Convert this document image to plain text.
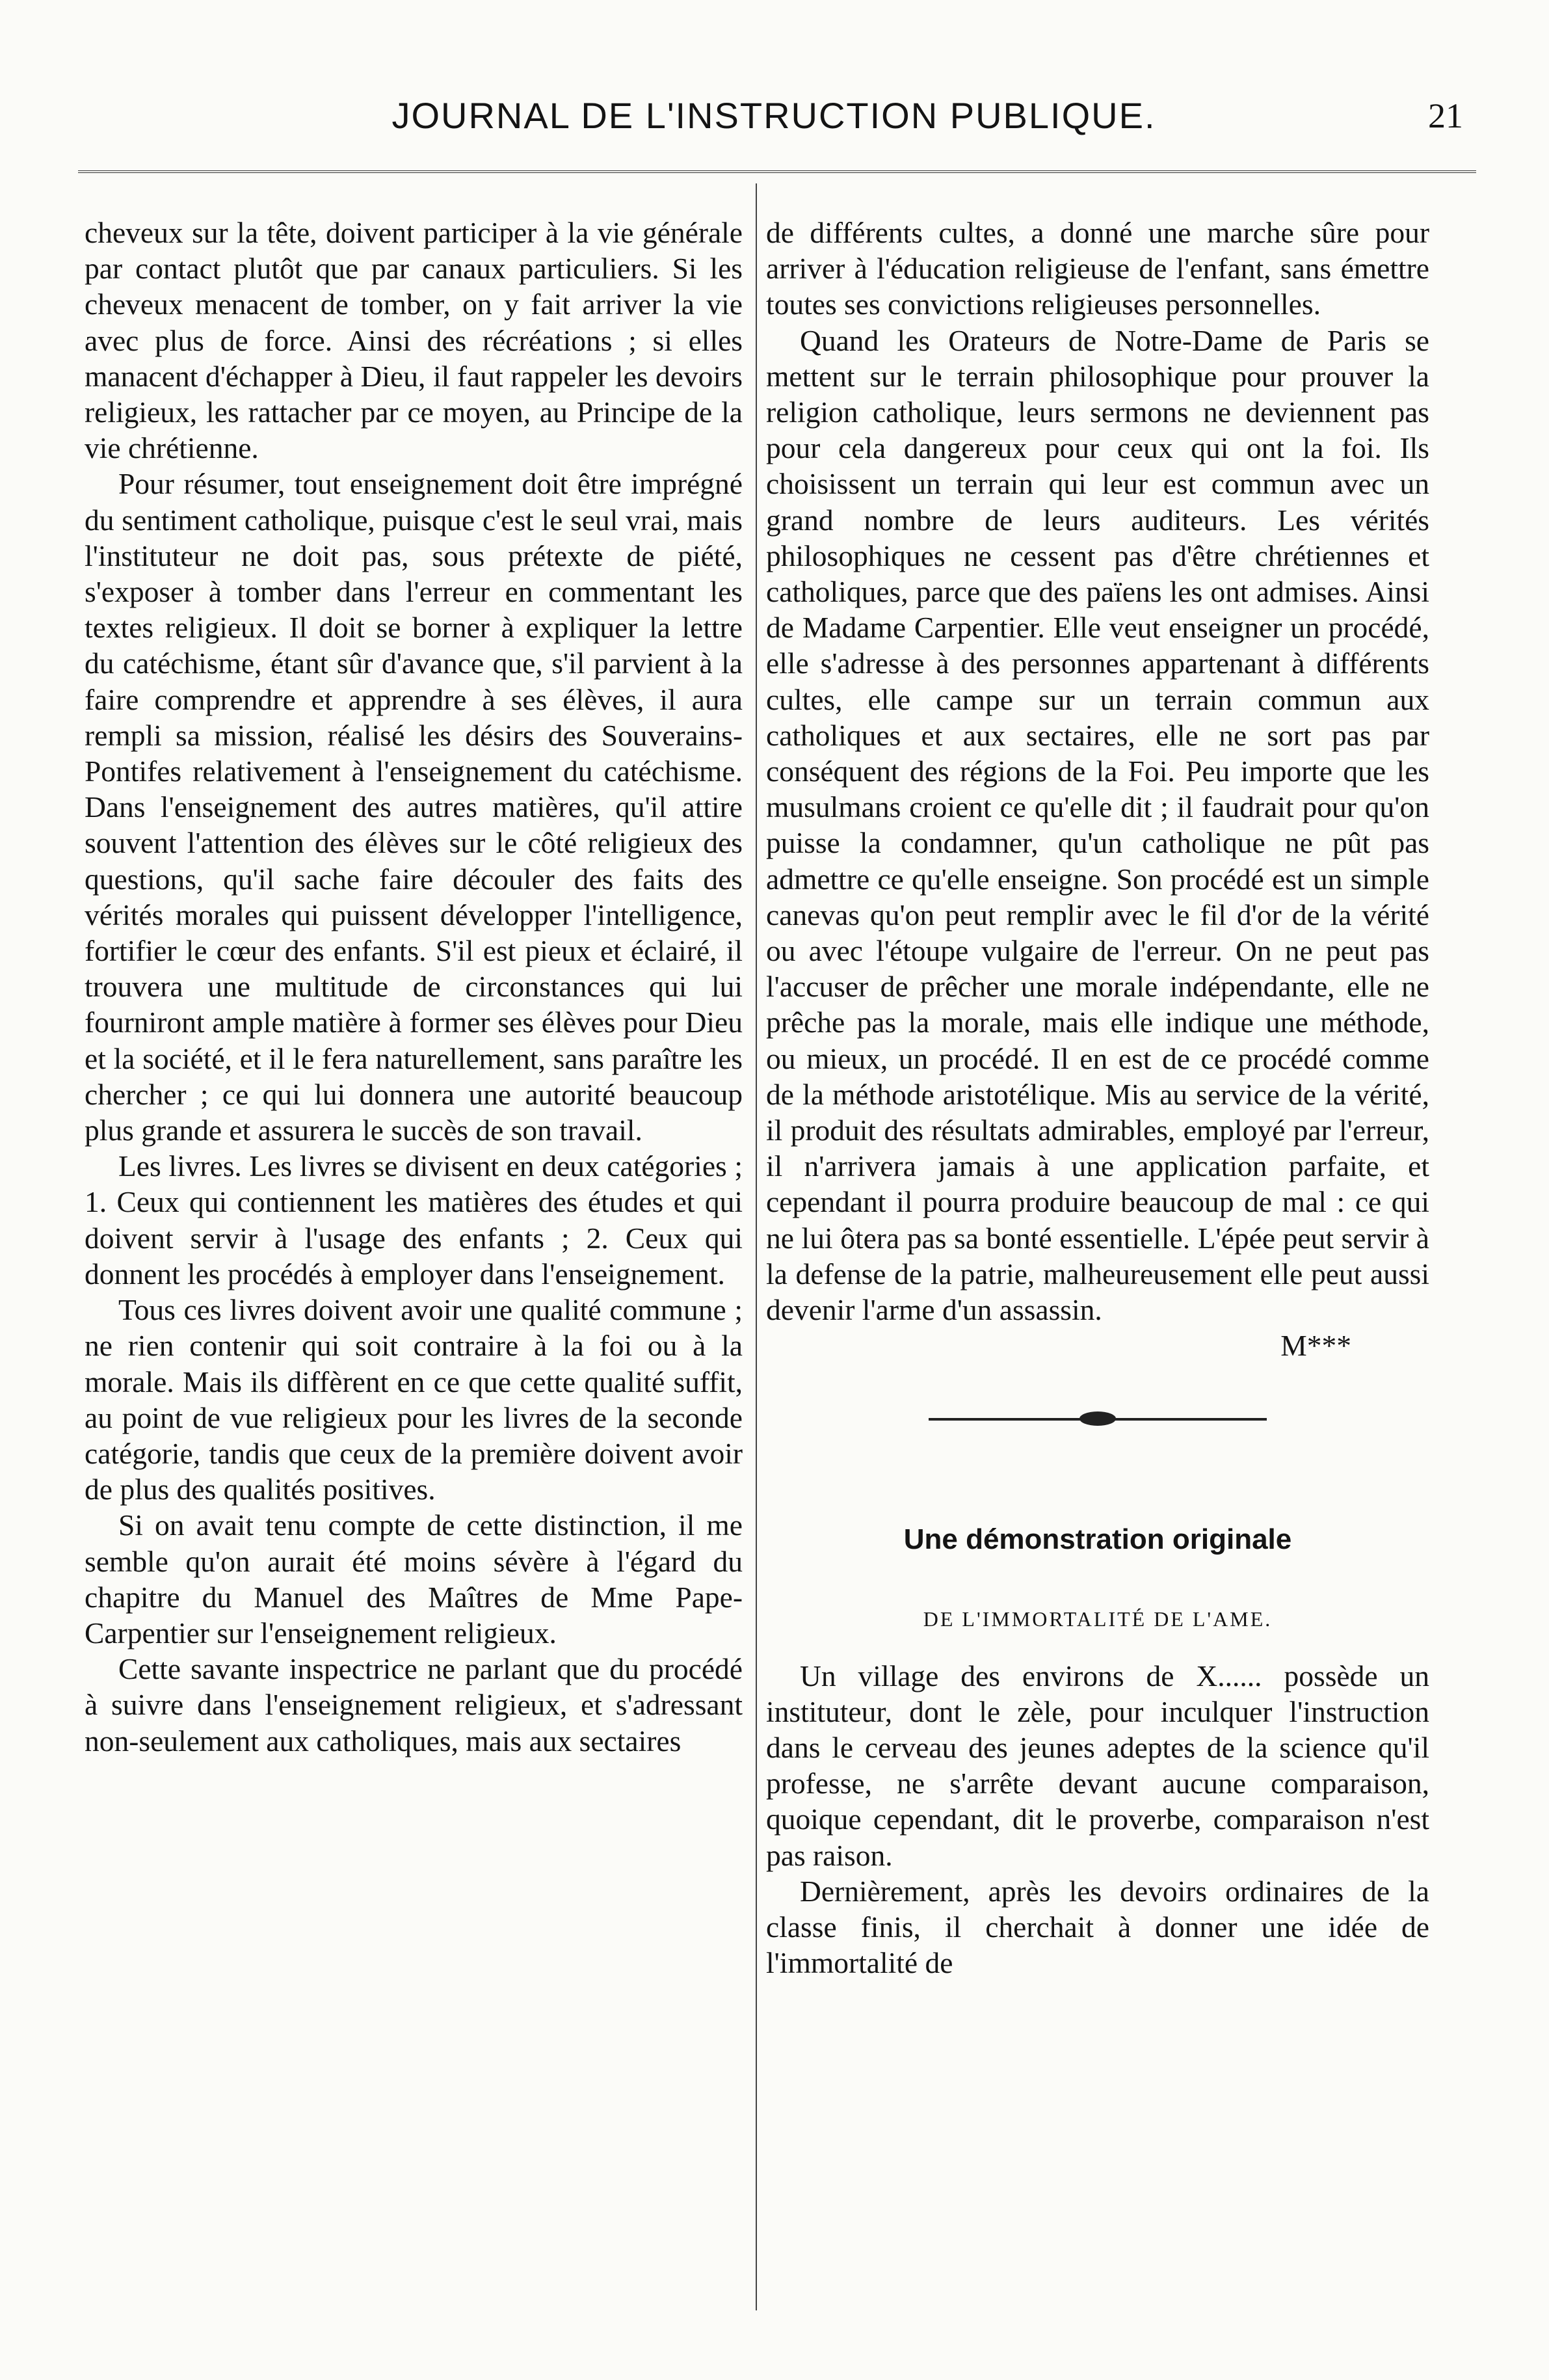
JOURNAL DE L'INSTRUCTION PUBLIQUE.	21

cheveux sur la tête, doivent participer à la vie générale par contact plutôt que par canaux particuliers. Si les cheveux menacent de tomber, on y fait arriver la vie avec plus de force. Ainsi des récréations ; si elles manacent d'échapper à Dieu, il faut rappeler les devoirs religieux, les rattacher par ce moyen, au Principe de la vie chrétienne.

Pour résumer, tout enseignement doit être imprégné du sentiment catholique, puisque c'est le seul vrai, mais l'instituteur ne doit pas, sous prétexte de piété, s'exposer à tomber dans l'erreur en commentant les textes religieux. Il doit se borner à expliquer la lettre du catéchisme, étant sûr d'avance que, s'il parvient à la faire comprendre et apprendre à ses élèves, il aura rempli sa mission, réalisé les désirs des Souverains-Pontifes relativement à l'enseignement du catéchisme. Dans l'enseignement des autres matières, qu'il attire souvent l'attention des élèves sur le côté religieux des questions, qu'il sache faire découler des faits des vérités morales qui puissent développer l'intelligence, fortifier le cœur des enfants. S'il est pieux et éclairé, il trouvera une multitude de circonstances qui lui fourniront ample matière à former ses élèves pour Dieu et la société, et il le fera naturellement, sans paraître les chercher ; ce qui lui donnera une autorité beaucoup plus grande et assurera le succès de son travail.

Les livres. Les livres se divisent en deux catégories ; 1. Ceux qui contiennent les matières des études et qui doivent servir à l'usage des enfants ; 2. Ceux qui donnent les procédés à employer dans l'enseignement.

Tous ces livres doivent avoir une qualité commune ; ne rien contenir qui soit contraire à la foi ou à la morale. Mais ils diffèrent en ce que cette qualité suffit, au point de vue religieux pour les livres de la seconde catégorie, tandis que ceux de la première doivent avoir de plus des qualités positives.

Si on avait tenu compte de cette distinction, il me semble qu'on aurait été moins sévère à l'égard du chapitre du Manuel des Maîtres de Mme Pape-Carpentier sur l'enseignement religieux.

Cette savante inspectrice ne parlant que du procédé à suivre dans l'enseignement religieux, et s'adressant non-seulement aux catholiques, mais aux sectaires

de différents cultes, a donné une marche sûre pour arriver à l'éducation religieuse de l'enfant, sans émettre toutes ses convictions religieuses personnelles.

Quand les Orateurs de Notre-Dame de Paris se mettent sur le terrain philosophique pour prouver la religion catholique, leurs sermons ne deviennent pas pour cela dangereux pour ceux qui ont la foi. Ils choisissent un terrain qui leur est commun avec un grand nombre de leurs auditeurs. Les vérités philosophiques ne cessent pas d'être chrétiennes et catholiques, parce que des païens les ont admises. Ainsi de Madame Carpentier. Elle veut enseigner un procédé, elle s'adresse à des personnes appartenant à différents cultes, elle campe sur un terrain commun aux catholiques et aux sectaires, elle ne sort pas par conséquent des régions de la Foi. Peu importe que les musulmans croient ce qu'elle dit ; il faudrait pour qu'on puisse la condamner, qu'un catholique ne pût pas admettre ce qu'elle enseigne. Son procédé est un simple canevas qu'on peut remplir avec le fil d'or de la vérité ou avec l'étoupe vulgaire de l'erreur. On ne peut pas l'accuser de prêcher une morale indépendante, elle ne prêche pas la morale, mais elle indique une méthode, ou mieux, un procédé. Il en est de ce procédé comme de la méthode aristotélique. Mis au service de la vérité, il produit des résultats admirables, employé par l'erreur, il n'arrivera jamais à une application parfaite, et cependant il pourra produire beaucoup de mal : ce qui ne lui ôtera pas sa bonté essentielle. L'épée peut servir à la defense de la patrie, malheureusement elle peut aussi devenir l'arme d'un assassin.

M***

Une démonstration originale
DE L'IMMORTALITÉ DE L'AME.

Un village des environs de X...... possède un instituteur, dont le zèle, pour inculquer l'instruction dans le cerveau des jeunes adeptes de la science qu'il professe, ne s'arrête devant aucune comparaison, quoique cependant, dit le proverbe, comparaison n'est pas raison.

Dernièrement, après les devoirs ordinaires de la classe finis, il cherchait à donner une idée de l'immortalité de
